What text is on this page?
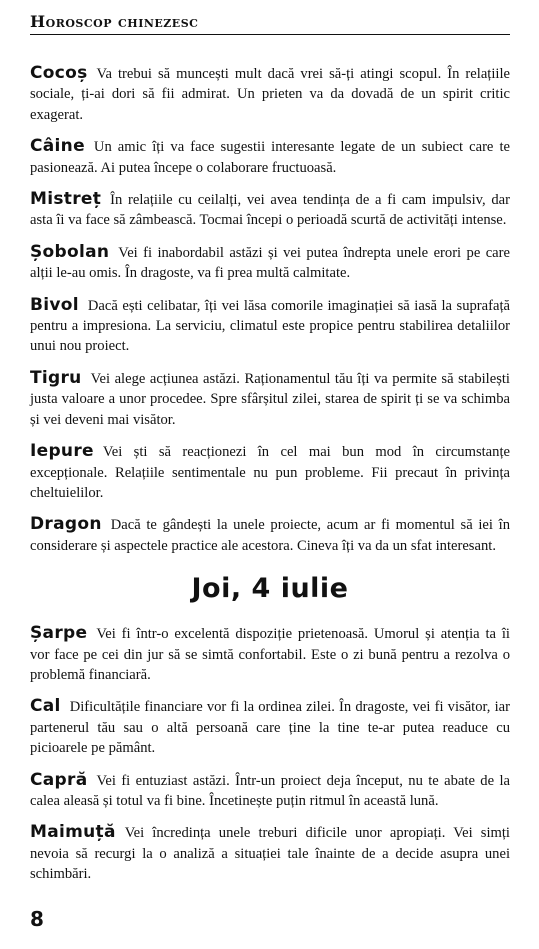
Horoscop chinezesc

Cocoș Va trebui să muncești mult dacă vrei să-ți atingi scopul. În relațiile sociale, ți-ai dori să fii admirat. Un prieten va da dovadă de un spirit critic exagerat.

Câine Un amic îți va face sugestii interesante legate de un subiect care te pasionează. Ai putea începe o colaborare fructuoasă.

Mistreț În relațiile cu ceilalți, vei avea tendința de a fi cam impulsiv, dar asta îi va face să zâmbească. Tocmai începi o perioadă scurtă de activități intense.

Șobolan Vei fi inabordabil astăzi și vei putea îndrepta unele erori pe care alții le-au omis. În dragoste, va fi prea multă calmitate.

Bivol Dacă ești celibatar, îți vei lăsa comorile imaginației să iasă la suprafață pentru a impresiona. La serviciu, climatul este propice pentru stabilirea detaliilor unui nou proiect.

Tigru Vei alege acțiunea astăzi. Raționamentul tău îți va permite să stabilești justa valoare a unor procedee. Spre sfârșitul zilei, starea de spirit ți se va schimba și vei deveni mai visător.

Iepure Vei ști să reacționezi în cel mai bun mod în circumstanțe excepționale. Relațiile sentimentale nu pun probleme. Fii precaut în privința cheltuielilor.

Dragon Dacă te gândești la unele proiecte, acum ar fi momentul să iei în considerare și aspectele practice ale acestora. Cineva îți va da un sfat interesant.

Joi, 4 iulie

Șarpe Vei fi într-o excelentă dispoziție prietenoasă. Umorul și atenția ta îi vor face pe cei din jur să se simtă confortabil. Este o zi bună pentru a rezolva o problemă financiară.

Cal Dificultățile financiare vor fi la ordinea zilei. În dragoste, vei fi visător, iar partenerul tău sau o altă persoană care ține la tine te-ar putea readuce cu picioarele pe pământ.

Capră Vei fi entuziast astăzi. Într-un proiect deja început, nu te abate de la calea aleasă și totul va fi bine. Încetinește puțin ritmul în această lună.

Maimuță Vei încredința unele treburi dificile unor apropiați. Vei simți nevoia să recurgi la o analiză a situației tale înainte de a decide asupra unei schimbări.

8
